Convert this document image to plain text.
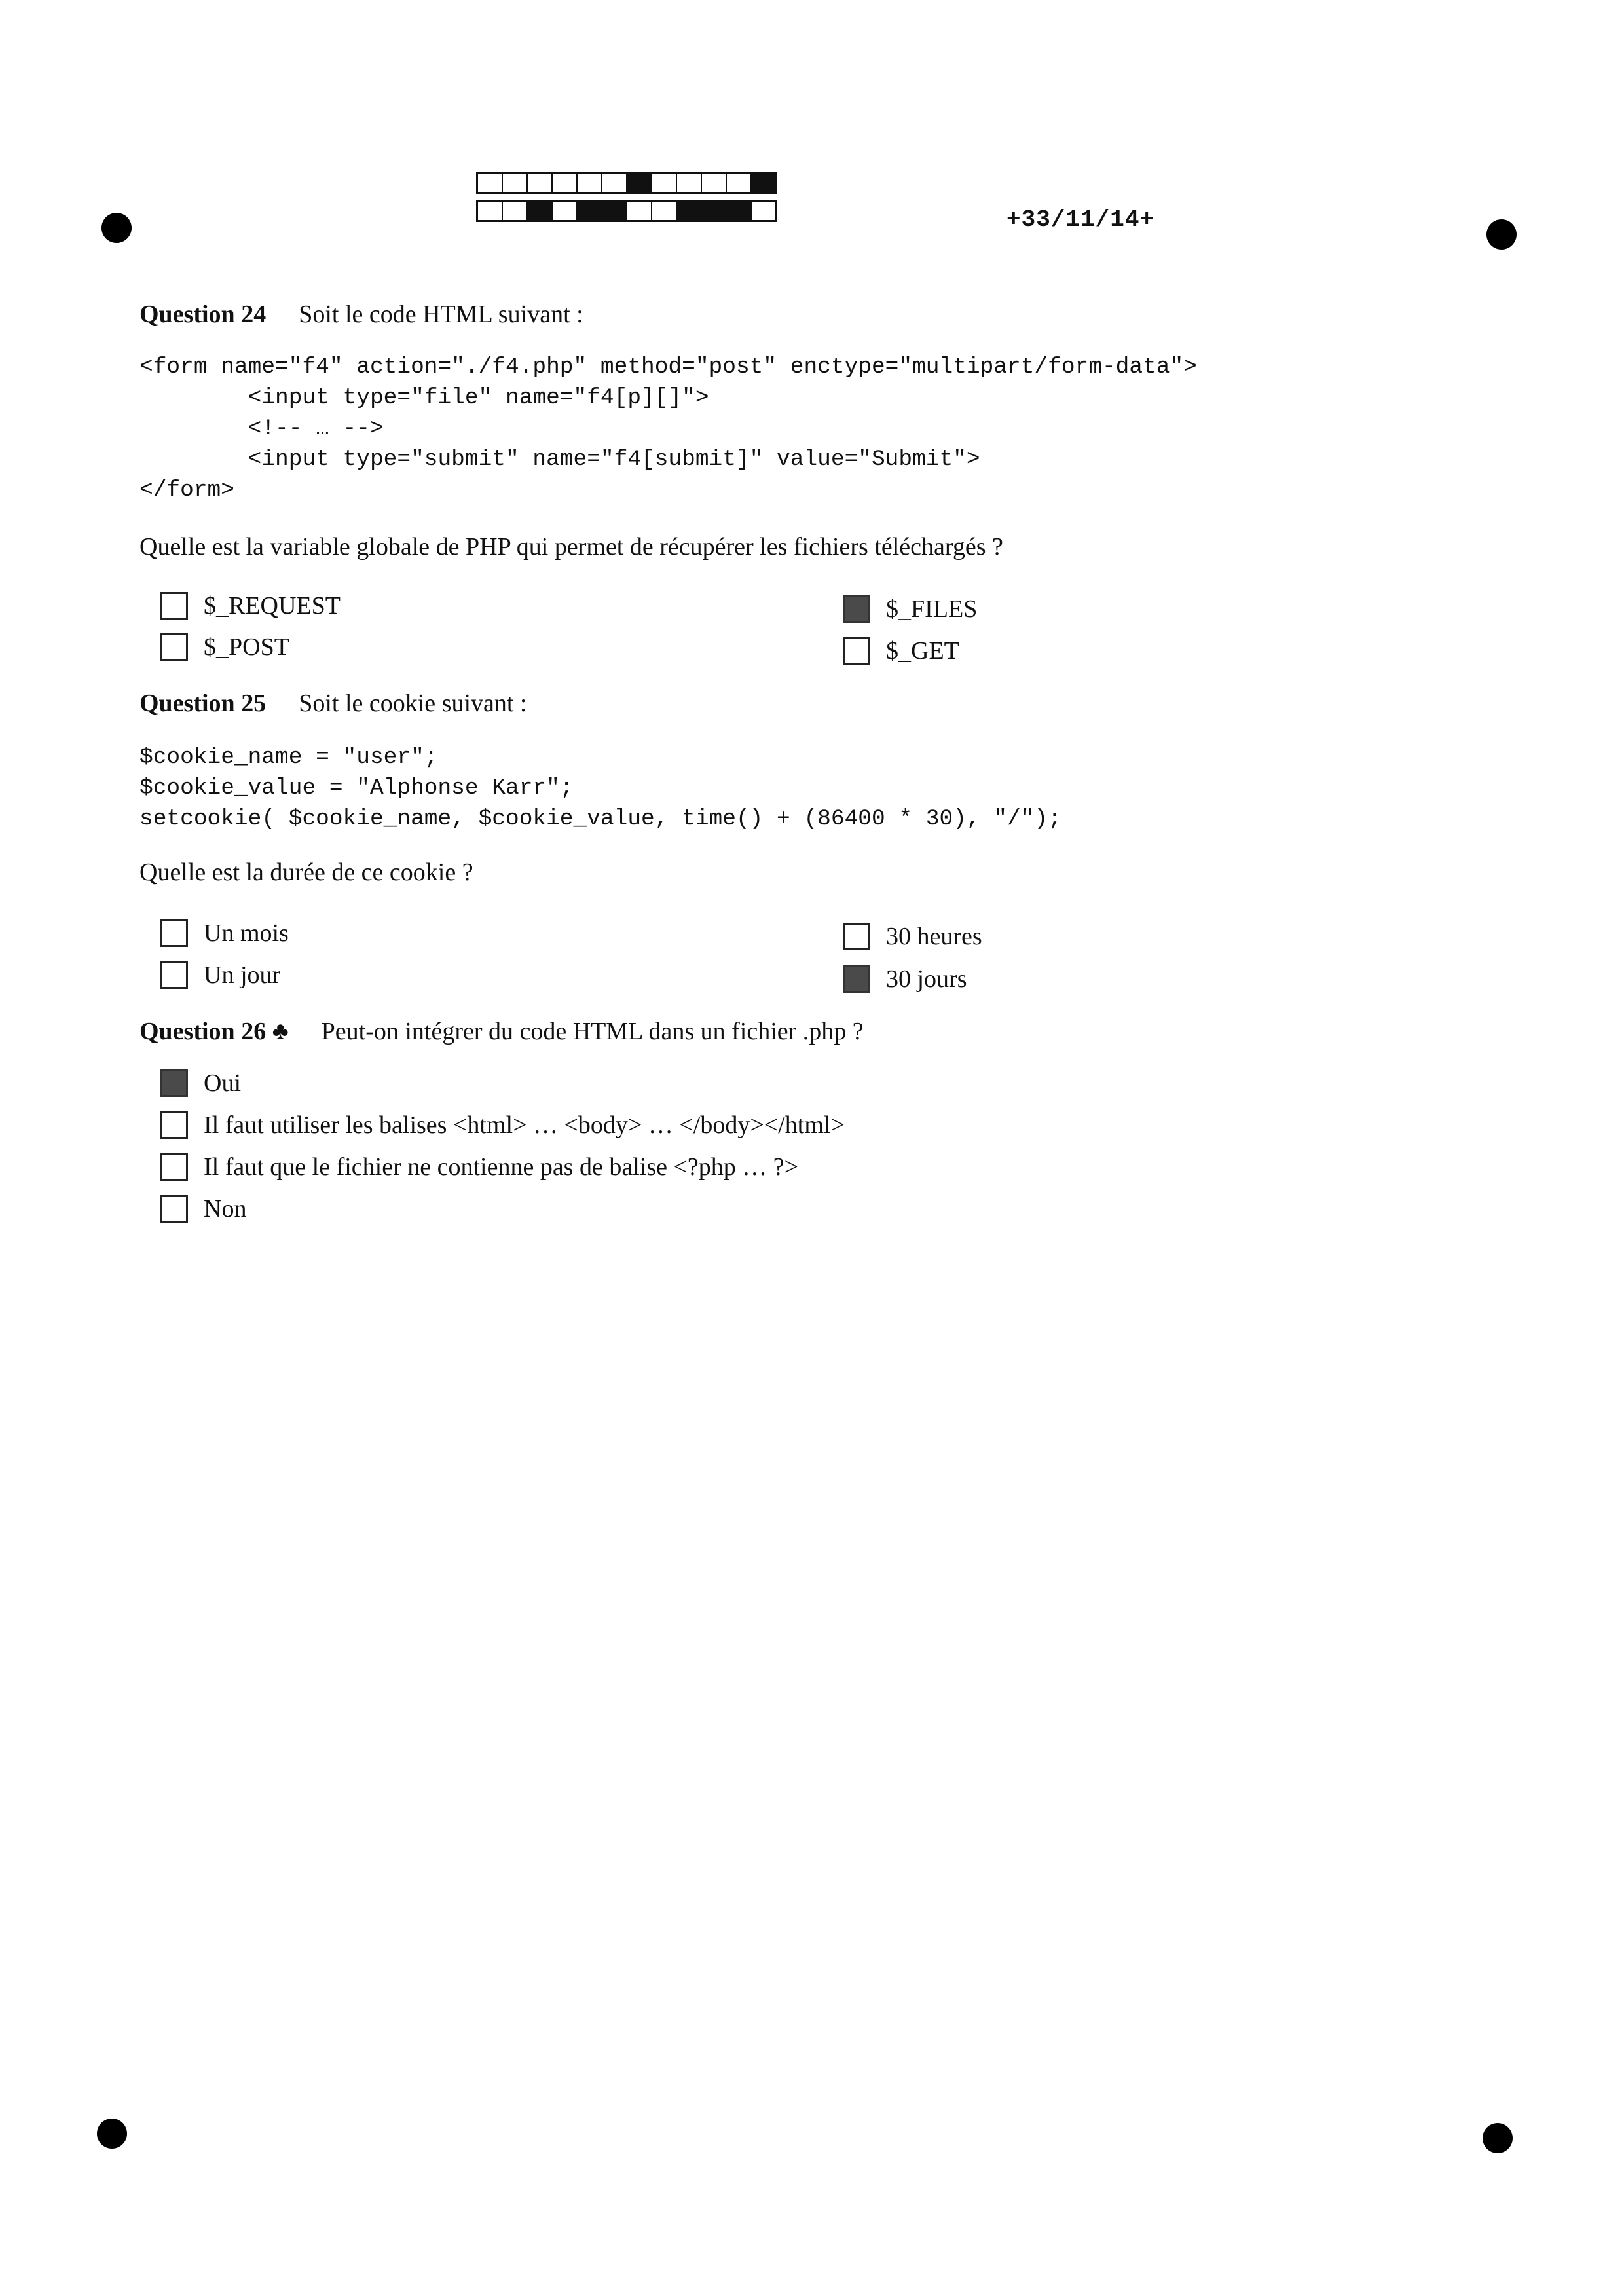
+33/11/14+
Question 24 Soit le code HTML suivant :
<form name="f4" action="./f4.php" method="post" enctype="multipart/form-data">
<input type="file" name="f4[p][]">
<!-- … -->
<input type="submit" name="f4[submit]" value="Submit">
</form>
Quelle est la variable globale de PHP qui permet de récupérer les fichiers téléchargés ?
$_REQUEST
$_POST
$_FILES
$_GET
Question 25 Soit le cookie suivant :
$cookie_name = "user";
$cookie_value = "Alphonse Karr";
setcookie( $cookie_name, $cookie_value, time() + (86400 * 30), "/");
Quelle est la durée de ce cookie ?
Un mois
Un jour
30 heures
30 jours
Question 26 ♣ Peut-on intégrer du code HTML dans un fichier .php ?
Oui
Il faut utiliser les balises <html> … <body> … </body></html>
Il faut que le fichier ne contienne pas de balise <?php … ?>
Non
